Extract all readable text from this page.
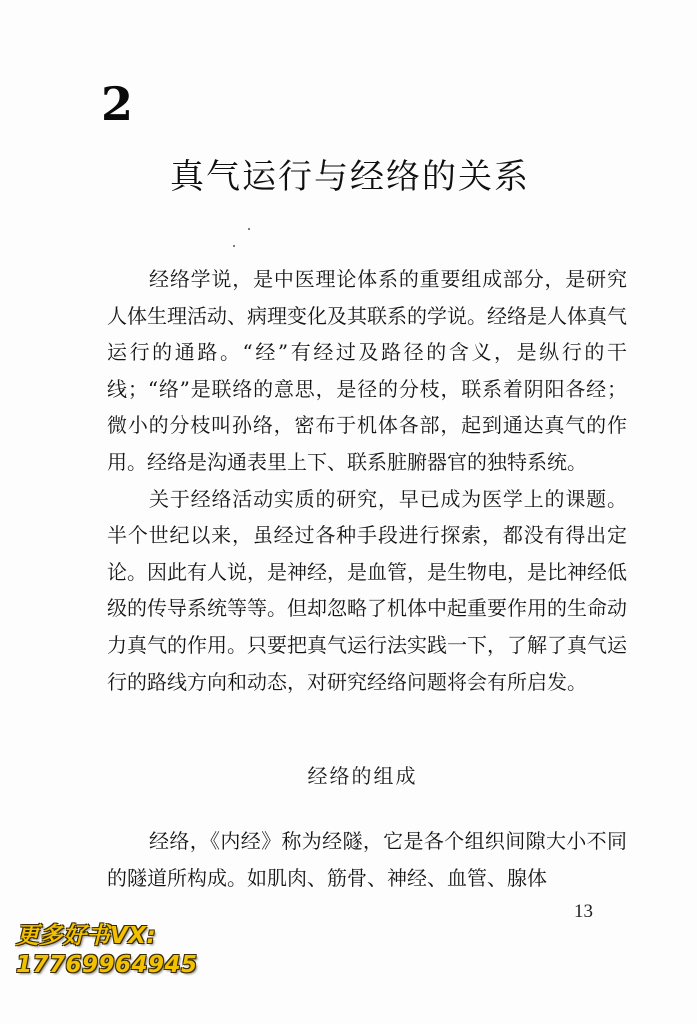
2
真气运行与经络的关系

经络学说，是中医理论体系的重要组成部分，是研究人体生理活动、病理变化及其联系的学说。经络是人体真气运行的通路。“经”有经过及路径的含义，是纵行的干线；“络”是联络的意思，是径的分枝，联系着阴阳各经；微小的分枝叫孙络，密布于机体各部，起到通达真气的作用。经络是沟通表里上下、联系脏腑器官的独特系统。

关于经络活动实质的研究，早已成为医学上的课题。半个世纪以来，虽经过各种手段进行探索，都没有得出定论。因此有人说，是神经，是血管，是生物电，是比神经低级的传导系统等等。但却忽略了机体中起重要作用的生命动力真气的作用。只要把真气运行法实践一下，了解了真气运行的路线方向和动态，对研究经络问题将会有所启发。

经络的组成

经络，《内经》称为经隧，它是各个组织间隙大小不同的隧道所构成。如肌肉、筋骨、神经、血管、腺体

13
更多好书VX:
17769964945
